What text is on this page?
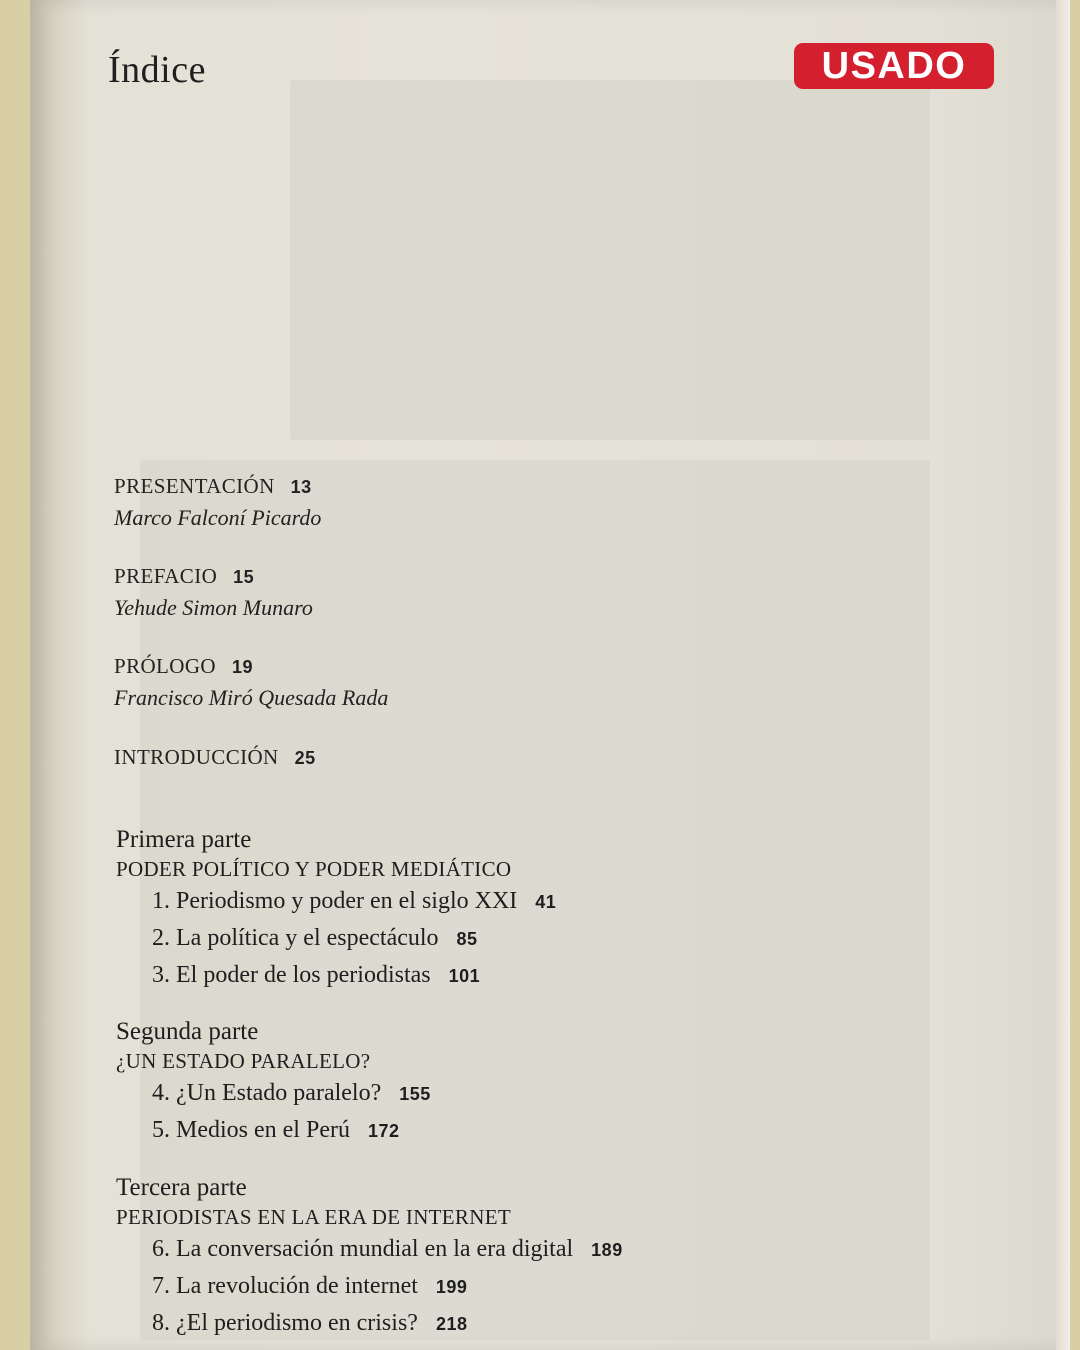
Índice	USADO
PRESENTACIÓN 13
Marco Falconí Picardo
PREFACIO 15
Yehude Simon Munaro
PRÓLOGO 19
Francisco Miró Quesada Rada
INTRODUCCIÓN 25
Primera parte
PODER POLÍTICO Y PODER MEDIÁTICO
1. Periodismo y poder en el siglo XXI 41
2. La política y el espectáculo 85
3. El poder de los periodistas 101
Segunda parte
¿UN ESTADO PARALELO?
4. ¿Un Estado paralelo? 155
5. Medios en el Perú 172
Tercera parte
PERIODISTAS EN LA ERA DE INTERNET
6. La conversación mundial en la era digital 189
7. La revolución de internet 199
8. ¿El periodismo en crisis? 218
